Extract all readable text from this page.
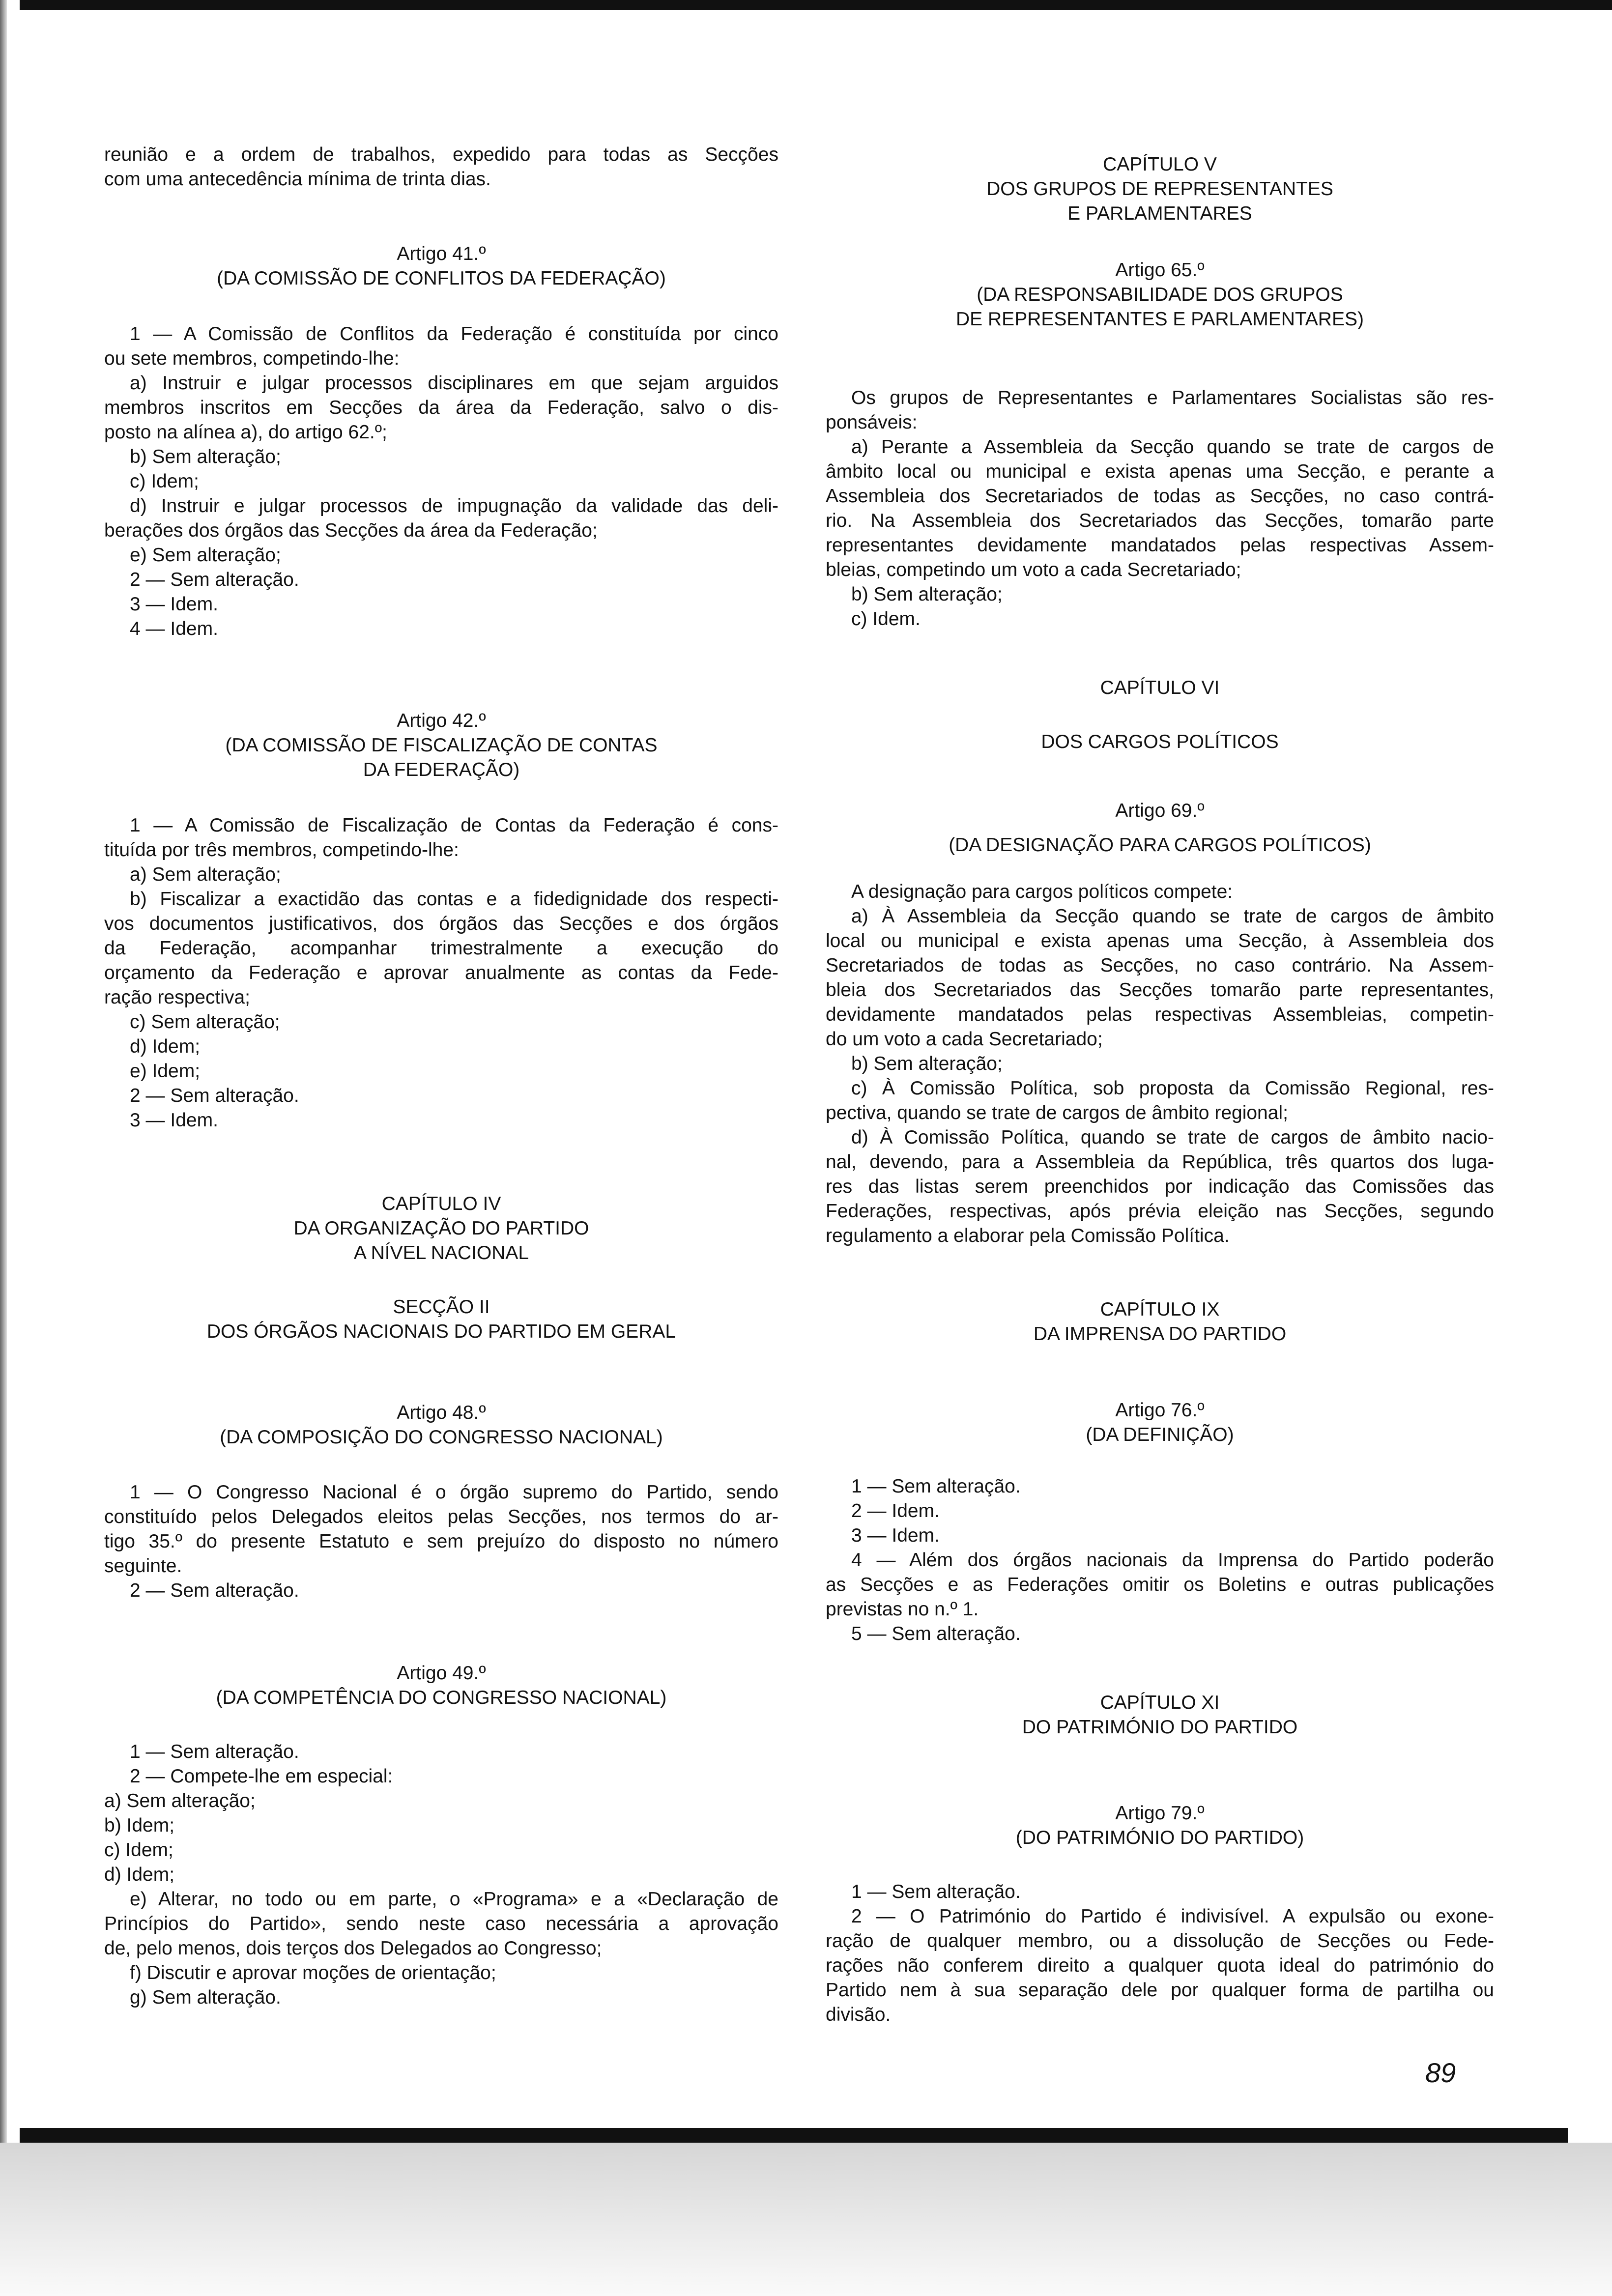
reunião e a ordem de trabalhos, expedido para todas as Secções

com uma antecedência mínima de trinta dias.

Artigo 41.º

(DA COMISSÃO DE CONFLITOS DA FEDERAÇÃO)

1 — A Comissão de Conflitos da Federação é constituída por cinco

ou sete membros, competindo-lhe:

a) Instruir e julgar processos disciplinares em que sejam arguidos

membros inscritos em Secções da área da Federação, salvo o dis-

posto na alínea a), do artigo 62.º;

b) Sem alteração;

c) Idem;

d) Instruir e julgar processos de impugnação da validade das deli-

berações dos órgãos das Secções da área da Federação;

e) Sem alteração;

2 — Sem alteração.

3 — Idem.

4 — Idem.

Artigo 42.º

(DA COMISSÃO DE FISCALIZAÇÃO DE CONTAS

DA FEDERAÇÃO)

1 — A Comissão de Fiscalização de Contas da Federação é cons-

tituída por três membros, competindo-lhe:

a) Sem alteração;

b) Fiscalizar a exactidão das contas e a fidedignidade dos respecti-

vos documentos justificativos, dos órgãos das Secções e dos órgãos

da Federação, acompanhar trimestralmente a execução do

orçamento da Federação e aprovar anualmente as contas da Fede-

ração respectiva;

c) Sem alteração;

d) Idem;

e) Idem;

2 — Sem alteração.

3 — Idem.

CAPÍTULO IV

DA ORGANIZAÇÃO DO PARTIDO

A NÍVEL NACIONAL

SECÇÃO II

DOS ÓRGÃOS NACIONAIS DO PARTIDO EM GERAL

Artigo 48.º

(DA COMPOSIÇÃO DO CONGRESSO NACIONAL)

1 — O Congresso Nacional é o órgão supremo do Partido, sendo

constituído pelos Delegados eleitos pelas Secções, nos termos do ar-

tigo 35.º do presente Estatuto e sem prejuízo do disposto no número

seguinte.

2 — Sem alteração.

Artigo 49.º

(DA COMPETÊNCIA DO CONGRESSO NACIONAL)

1 — Sem alteração.

2 — Compete-lhe em especial:

a) Sem alteração;

b) Idem;

c) Idem;

d) Idem;

e) Alterar, no todo ou em parte, o «Programa» e a «Declaração de

Princípios do Partido», sendo neste caso necessária a aprovação

de, pelo menos, dois terços dos Delegados ao Congresso;

f) Discutir e aprovar moções de orientação;

g) Sem alteração.

CAPÍTULO V

DOS GRUPOS DE REPRESENTANTES

E PARLAMENTARES

Artigo 65.º

(DA RESPONSABILIDADE DOS GRUPOS

DE REPRESENTANTES E PARLAMENTARES)

Os grupos de Representantes e Parlamentares Socialistas são res-

ponsáveis:

a) Perante a Assembleia da Secção quando se trate de cargos de

âmbito local ou municipal e exista apenas uma Secção, e perante a

Assembleia dos Secretariados de todas as Secções, no caso contrá-

rio. Na Assembleia dos Secretariados das Secções, tomarão parte

representantes devidamente mandatados pelas respectivas Assem-

bleias, competindo um voto a cada Secretariado;

b) Sem alteração;

c) Idem.

CAPÍTULO VI

DOS CARGOS POLÍTICOS

Artigo 69.º

(DA DESIGNAÇÃO PARA CARGOS POLÍTICOS)

A designação para cargos políticos compete:

a) À Assembleia da Secção quando se trate de cargos de âmbito

local ou municipal e exista apenas uma Secção, à Assembleia dos

Secretariados de todas as Secções, no caso contrário. Na Assem-

bleia dos Secretariados das Secções tomarão parte representantes,

devidamente mandatados pelas respectivas Assembleias, competin-

do um voto a cada Secretariado;

b) Sem alteração;

c) À Comissão Política, sob proposta da Comissão Regional, res-

pectiva, quando se trate de cargos de âmbito regional;

d) À Comissão Política, quando se trate de cargos de âmbito nacio-

nal, devendo, para a Assembleia da República, três quartos dos luga-

res das listas serem preenchidos por indicação das Comissões das

Federações, respectivas, após prévia eleição nas Secções, segundo

regulamento a elaborar pela Comissão Política.

CAPÍTULO IX

DA IMPRENSA DO PARTIDO

Artigo 76.º

(DA DEFINIÇÃO)

1 — Sem alteração.

2 — Idem.

3 — Idem.

4 — Além dos órgãos nacionais da Imprensa do Partido poderão

as Secções e as Federações omitir os Boletins e outras publicações

previstas no n.º 1.

5 — Sem alteração.

CAPÍTULO XI

DO PATRIMÓNIO DO PARTIDO

Artigo 79.º

(DO PATRIMÓNIO DO PARTIDO)

1 — Sem alteração.

2 — O Património do Partido é indivisível. A expulsão ou exone-

ração de qualquer membro, ou a dissolução de Secções ou Fede-

rações não conferem direito a qualquer quota ideal do património do

Partido nem à sua separação dele por qualquer forma de partilha ou

divisão.

89
